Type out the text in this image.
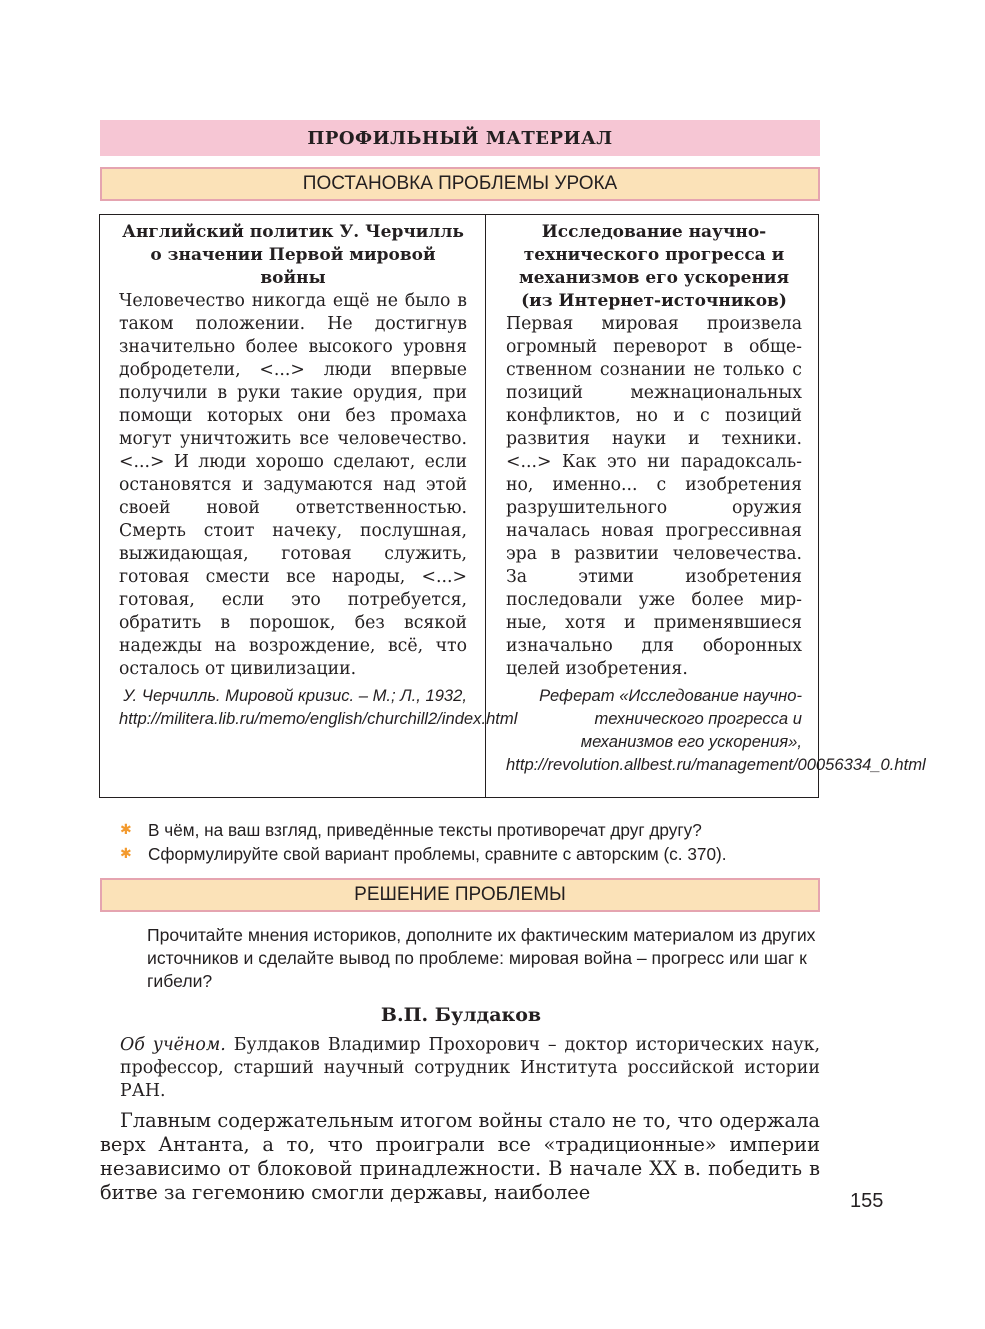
ПРОФИЛЬНЫЙ МАТЕРИАЛ
ПОСТАНОВКА ПРОБЛЕМЫ УРОКА
Английский политик У. Черчилль о значении Первой мировой войны
Человечество никогда ещё не было в таком положении. Не достигнув значительно более высокого уровня добродетели, <...> люди впервые получили в руки такие орудия, при помощи которых они без промаха могут уничтожить все человечество. <...> И люди хорошо сделают, если остановятся и задумаются над этой своей новой ответственностью. Смерть стоит начеку, послушная, выжидающая, готовая служить, готовая смести все народы, <...> готовая, если это потребуется, обратить в порошок, без всякой надежды на возрождение, всё, что осталось от цивилизации.
У. Черчилль. Мировой кризис. – М.; Л., 1932, http://militera.lib.ru/memo/english/churchill2/index.html
Исследование научно-технического прогресса и механизмов его ускорения (из Интернет-источников)
Первая мировая произвела огромный переворот в общественном сознании не только с позиций межнациональных конфликтов, но и с позиций развития науки и техники. <...> Как это ни парадоксально, именно... с изобретения разрушительного оружия началась новая прогрессивная эра в развитии человечества. За этими изобретения последовали уже более мирные, хотя и применявшиеся изначально для оборонных целей изобретения.
Реферат «Исследование научно-технического прогресса и механизмов его ускорения», http://revolution.allbest.ru/management/00056334_0.html
✱ В чём, на ваш взгляд, приведённые тексты противоречат друг другу?
✱ Сформулируйте свой вариант проблемы, сравните с авторским (с. 370).
РЕШЕНИЕ ПРОБЛЕМЫ
Прочитайте мнения историков, дополните их фактическим материалом из других источников и сделайте вывод по проблеме: мировая война – прогресс или шаг к гибели?
В.П. Булдаков
Об учёном. Булдаков Владимир Прохорович – доктор исторических наук, профессор, старший научный сотрудник Института российской истории РАН.
Главным содержательным итогом войны стало не то, что одержала верх Антанта, а то, что проиграли все «традиционные» империи независимо от блоковой принадлежности. В начале XX в. победить в битве за гегемонию смогли державы, наиболее	155
